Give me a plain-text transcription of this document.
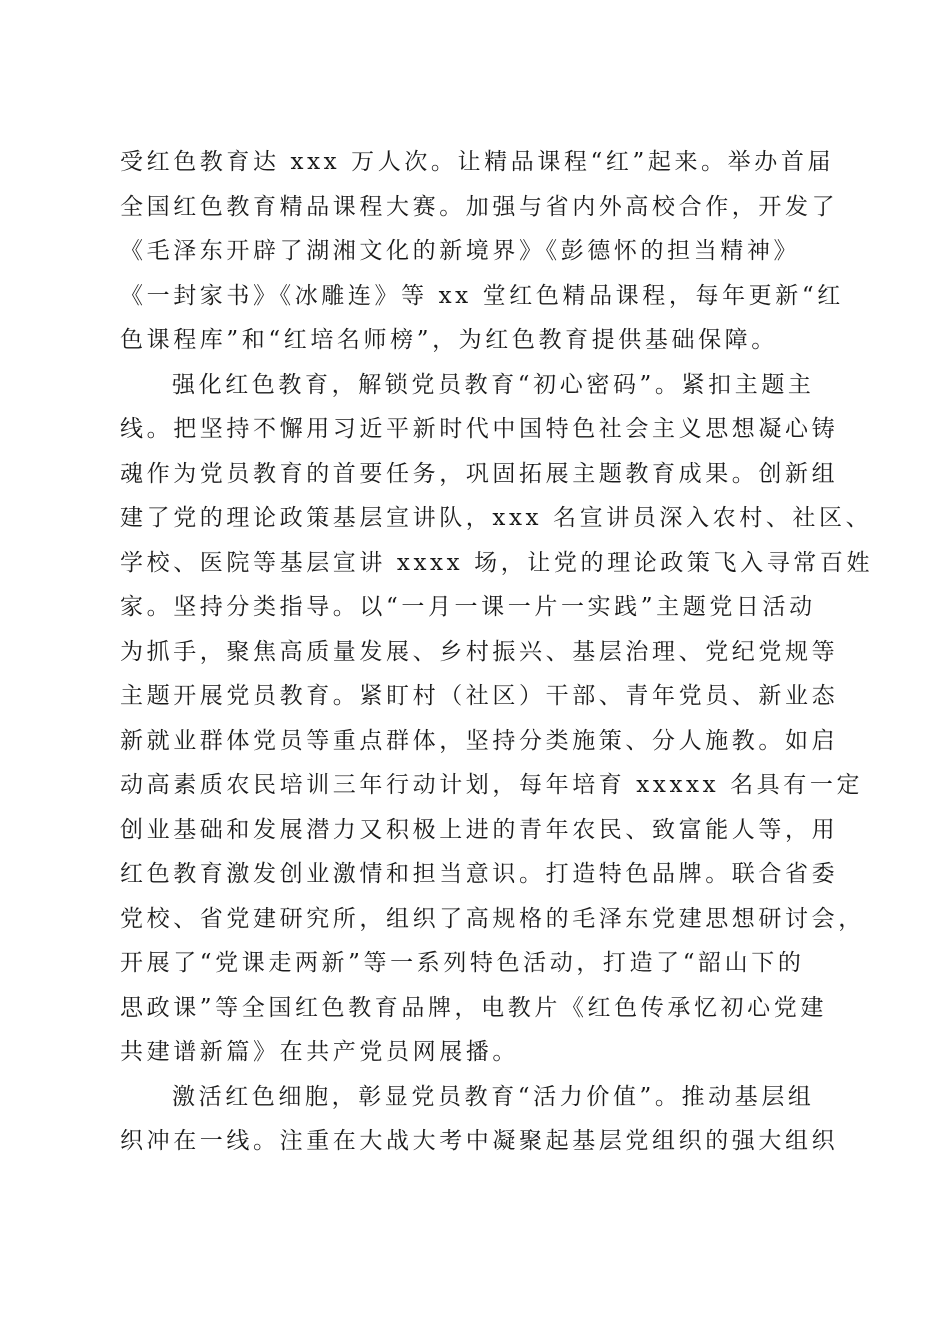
受红色教育达 xxx 万人次。让精品课程“红”起来。举办首届
全国红色教育精品课程大赛。加强与省内外高校合作，开发了
《毛泽东开辟了湖湘文化的新境界》《彭德怀的担当精神》
《一封家书》《冰雕连》等 xx 堂红色精品课程，每年更新“红
色课程库”和“红培名师榜”，为红色教育提供基础保障。
强化红色教育，解锁党员教育“初心密码”。紧扣主题主
线。把坚持不懈用习近平新时代中国特色社会主义思想凝心铸
魂作为党员教育的首要任务，巩固拓展主题教育成果。创新组
建了党的理论政策基层宣讲队，xxx 名宣讲员深入农村、社区、
学校、医院等基层宣讲 xxxx 场，让党的理论政策飞入寻常百姓
家。坚持分类指导。以“一月一课一片一实践”主题党日活动
为抓手，聚焦高质量发展、乡村振兴、基层治理、党纪党规等
主题开展党员教育。紧盯村（社区）干部、青年党员、新业态
新就业群体党员等重点群体，坚持分类施策、分人施教。如启
动高素质农民培训三年行动计划，每年培育 xxxxx 名具有一定
创业基础和发展潜力又积极上进的青年农民、致富能人等，用
红色教育激发创业激情和担当意识。打造特色品牌。联合省委
党校、省党建研究所，组织了高规格的毛泽东党建思想研讨会，
开展了“党课走两新”等一系列特色活动，打造了“韶山下的
思政课”等全国红色教育品牌，电教片《红色传承忆初心党建
共建谱新篇》在共产党员网展播。
激活红色细胞，彰显党员教育“活力价值”。推动基层组
织冲在一线。注重在大战大考中凝聚起基层党组织的强大组织
